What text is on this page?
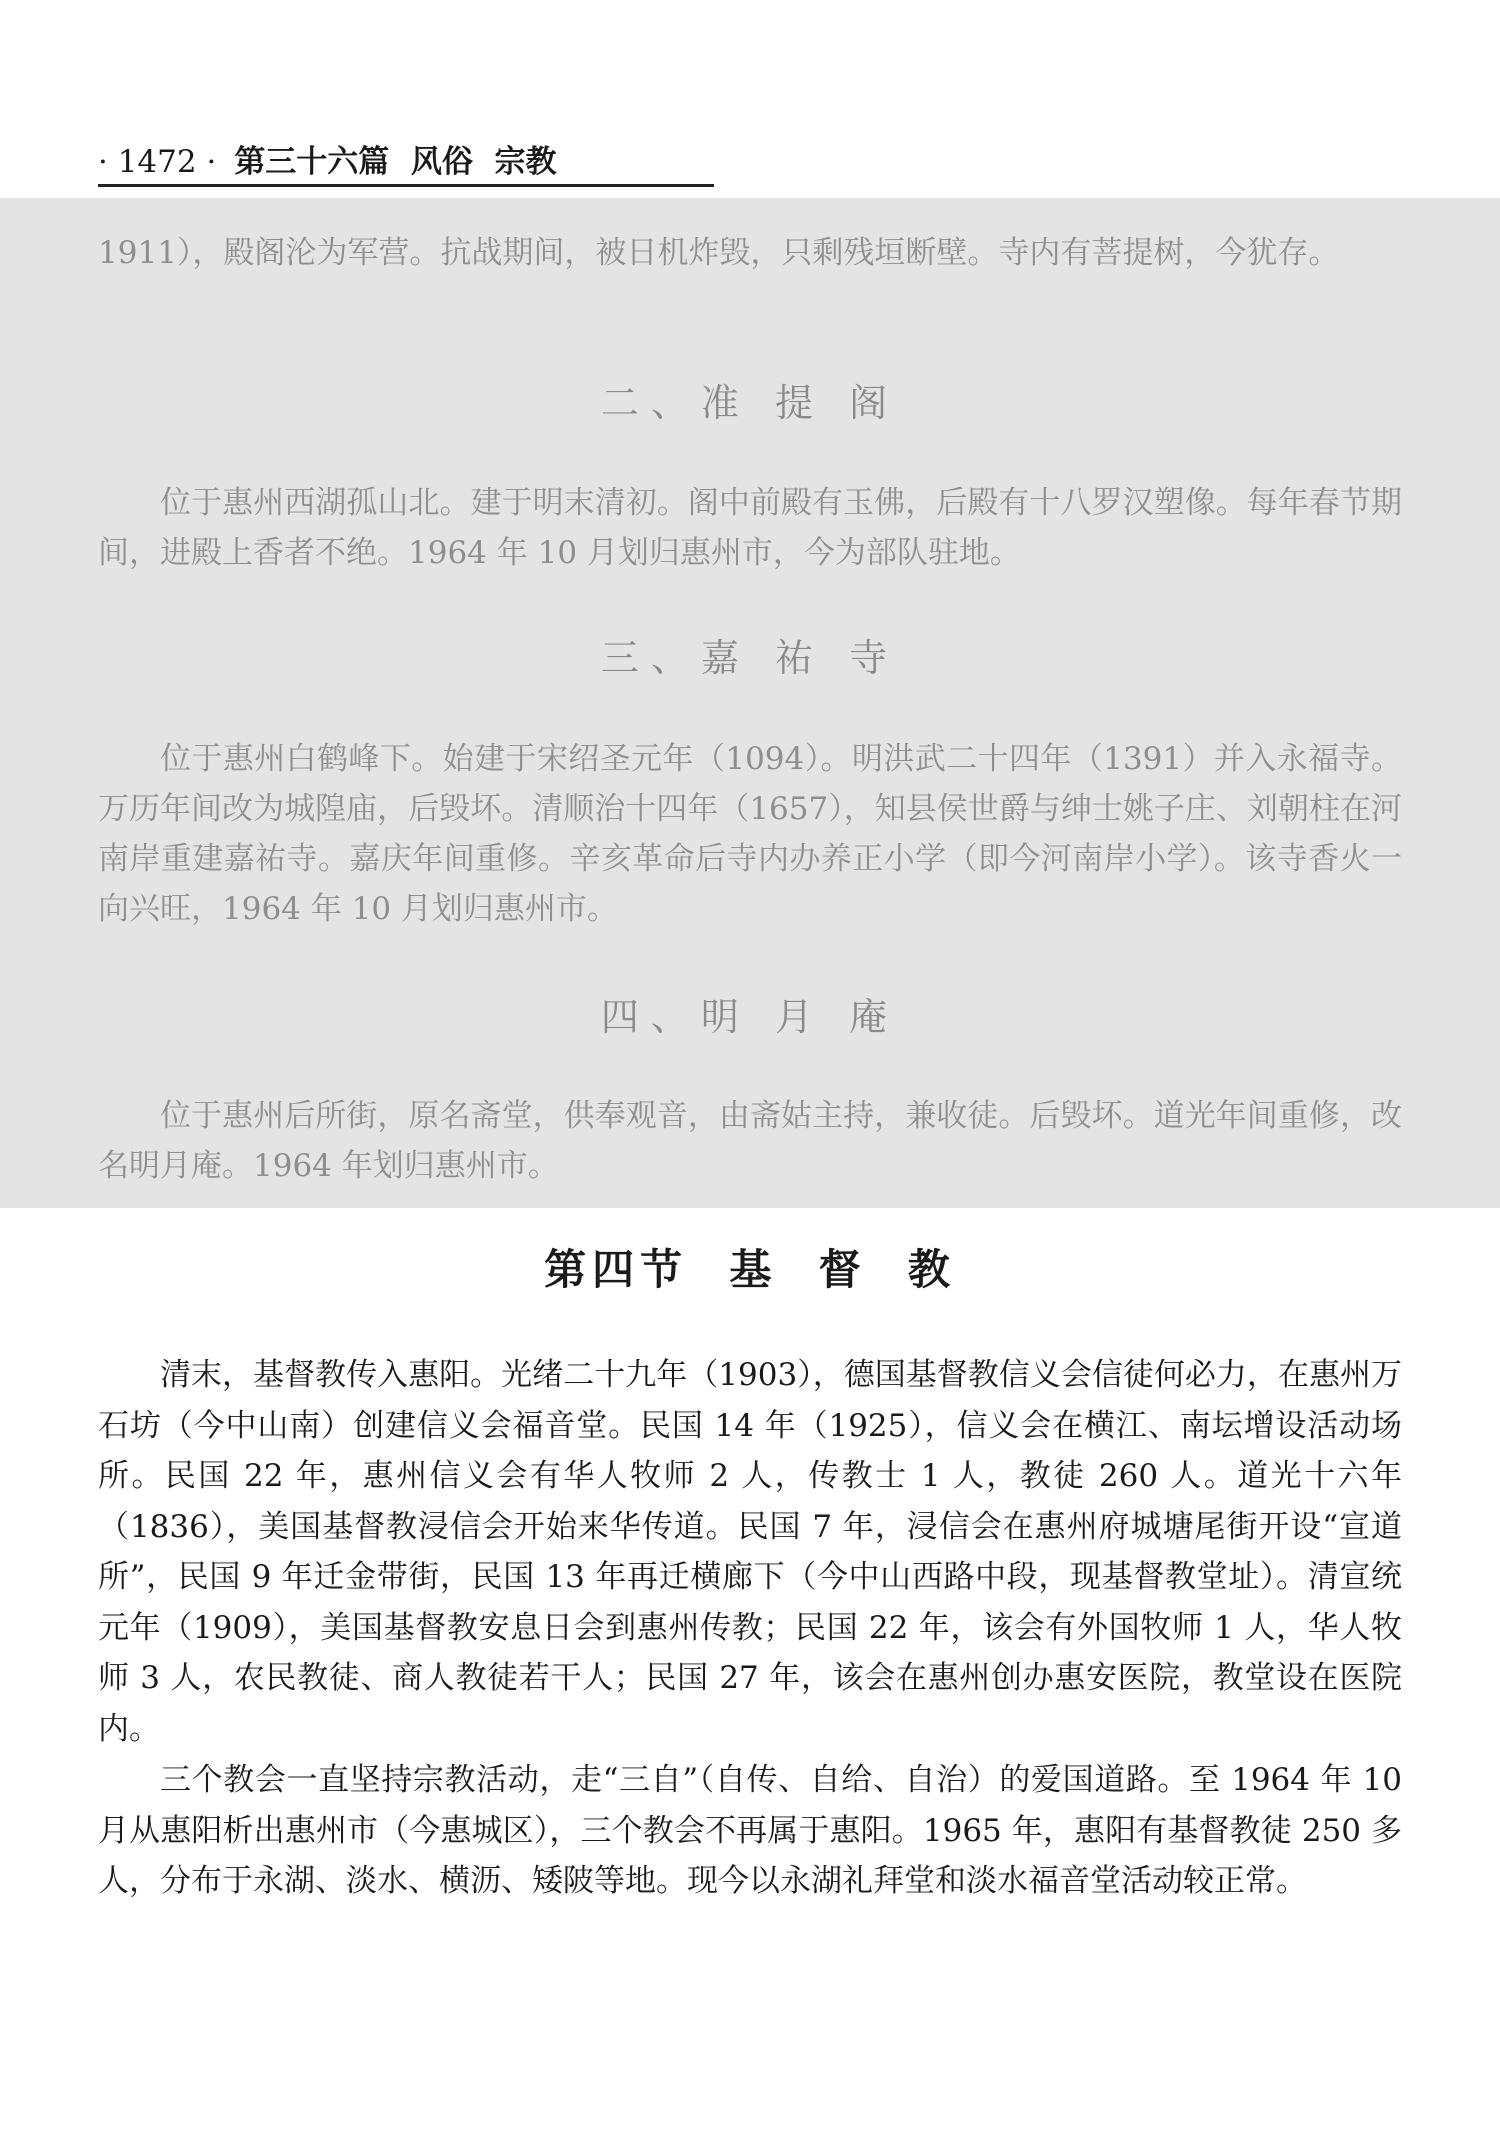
· 1472 · 第三十六篇  风俗  宗教

1911），殿阁沦为军营。抗战期间，被日机炸毁，只剩残垣断壁。寺内有菩提树，今犹存。

二、准 提 阁

位于惠州西湖孤山北。建于明末清初。阁中前殿有玉佛，后殿有十八罗汉塑像。每年春节期间，进殿上香者不绝。1964 年 10 月划归惠州市，今为部队驻地。

三、嘉 祐 寺

位于惠州白鹤峰下。始建于宋绍圣元年（1094）。明洪武二十四年（1391）并入永福寺。万历年间改为城隍庙，后毁坏。清顺治十四年（1657），知县侯世爵与绅士姚子庄、刘朝柱在河南岸重建嘉祐寺。嘉庆年间重修。辛亥革命后寺内办养正小学（即今河南岸小学）。该寺香火一向兴旺，1964 年 10 月划归惠州市。

四、明 月 庵

位于惠州后所街，原名斋堂，供奉观音，由斋姑主持，兼收徒。后毁坏。道光年间重修，改名明月庵。1964 年划归惠州市。

第四节  基  督  教

清末，基督教传入惠阳。光绪二十九年（1903），德国基督教信义会信徒何必力，在惠州万石坊（今中山南）创建信义会福音堂。民国 14 年（1925），信义会在横江、南坛增设活动场所。民国 22 年，惠州信义会有华人牧师 2 人，传教士 1 人，教徒 260 人。道光十六年（1836），美国基督教浸信会开始来华传道。民国 7 年，浸信会在惠州府城塘尾街开设“宣道所”，民国 9 年迁金带街，民国 13 年再迁横廊下（今中山西路中段，现基督教堂址）。清宣统元年（1909），美国基督教安息日会到惠州传教；民国 22 年，该会有外国牧师 1 人，华人牧师 3 人，农民教徒、商人教徒若干人；民国 27 年，该会在惠州创办惠安医院，教堂设在医院内。

三个教会一直坚持宗教活动，走“三自”（自传、自给、自治）的爱国道路。至 1964 年 10 月从惠阳析出惠州市（今惠城区），三个教会不再属于惠阳。1965 年，惠阳有基督教徒 250 多人，分布于永湖、淡水、横沥、矮陂等地。现今以永湖礼拜堂和淡水福音堂活动较正常。
